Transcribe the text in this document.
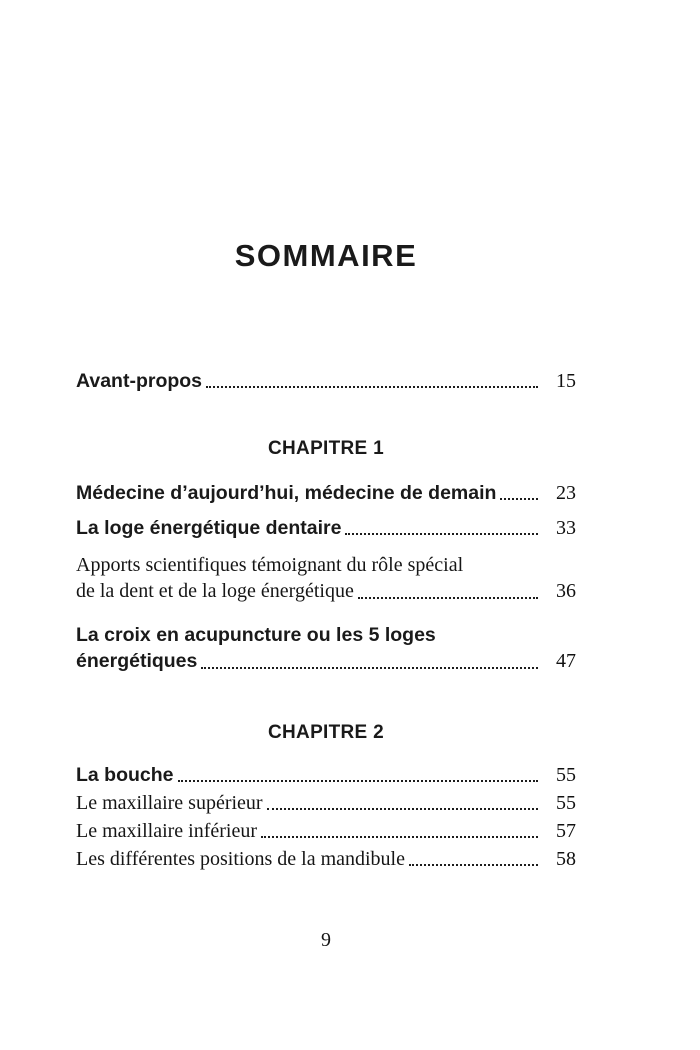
SOMMAIRE
Avant-propos	15
CHAPITRE 1
Médecine d’aujourd’hui, médecine de demain	23
La loge énergétique dentaire	33
Apports scientifiques témoignant du rôle spécial
de la dent et de la loge énergétique	36
La croix en acupuncture ou les 5 loges
énergétiques	47
CHAPITRE 2
La bouche	55
Le maxillaire supérieur	55
Le maxillaire inférieur	57
Les différentes positions de la mandibule	58
9
